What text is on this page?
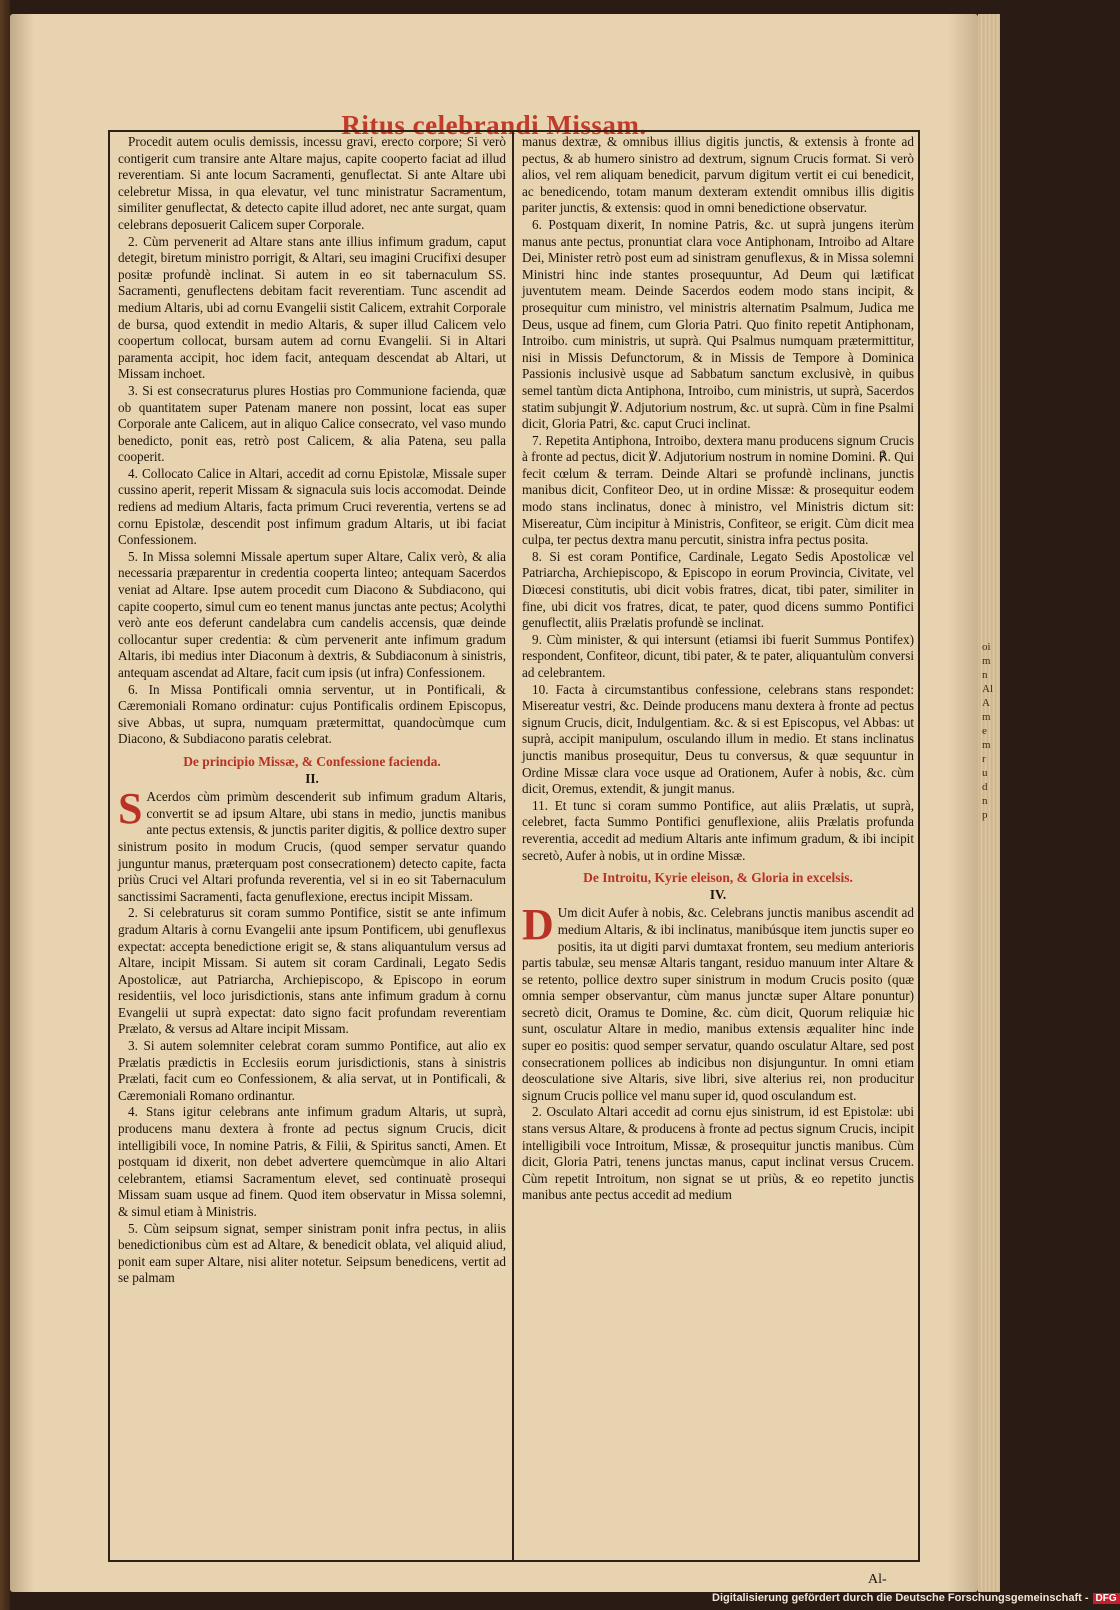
Ritus celebrandi Missam.

Procedit autem oculis demissis, incessu gravi, erecto corpore; Si verò contigerit cum transire ante Altare majus, capite cooperto faciat ad illud reverentiam. Si ante locum Sacramenti, genuflectat. Si ante Altare ubi celebretur Missa, in qua elevatur, vel tunc ministratur Sacramentum, similiter genuflectat, & detecto capite illud adoret, nec ante surgat, quam celebrans deposuerit Calicem super Corporale.

2. Cùm pervenerit ad Altare stans ante illius infimum gradum, caput detegit, biretum ministro porrigit, & Altari, seu imagini Crucifixi desuper positæ profundè inclinat. Si autem in eo sit tabernaculum SS. Sacramenti, genuflectens debitam facit reverentiam. Tunc ascendit ad medium Altaris, ubi ad cornu Evangelii sistit Calicem, extrahit Corporale de bursa, quod extendit in medio Altaris, & super illud Calicem velo coopertum collocat, bursam autem ad cornu Evangelii. Si in Altari paramenta accipit, hoc idem facit, antequam descendat ab Altari, ut Missam inchoet.

3. Si est consecraturus plures Hostias pro Communione facienda, quæ ob quantitatem super Patenam manere non possint, locat eas super Corporale ante Calicem, aut in aliquo Calice consecrato, vel vaso mundo benedicto, ponit eas, retrò post Calicem, & alia Patena, seu palla cooperit.

4. Collocato Calice in Altari, accedit ad cornu Epistolæ, Missale super cussino aperit, reperit Missam & signacula suis locis accomodat. Deinde rediens ad medium Altaris, facta primum Cruci reverentia, vertens se ad cornu Epistolæ, descendit post infimum gradum Altaris, ut ibi faciat Confessionem.

5. In Missa solemni Missale apertum super Altare, Calix verò, & alia necessaria præparentur in credentia cooperta linteo; antequam Sacerdos veniat ad Altare. Ipse autem procedit cum Diacono & Subdiacono, qui capite cooperto, simul cum eo tenent manus junctas ante pectus; Acolythi verò ante eos deferunt candelabra cum candelis accensis, quæ deinde collocantur super credentia: & cùm pervenerit ante infimum gradum Altaris, ibi medius inter Diaconum à dextris, & Subdiaconum à sinistris, antequam ascendat ad Altare, facit cum ipsis (ut infra) Confessionem.

6. In Missa Pontificali omnia serventur, ut in Pontificali, & Cæremoniali Romano ordinatur: cujus Pontificalis ordinem Episcopus, sive Abbas, ut supra, numquam prætermittat, quandocùmque cum Diacono, & Subdiacono paratis celebrat.

De principio Missæ, & Confessione facienda.

II.

S Acerdos cùm primùm descenderit sub infimum gradum Altaris, convertit se ad ipsum Altare, ubi stans in medio, junctis manibus ante pectus extensis, & junctis pariter digitis, & pollice dextro super sinistrum posito in modum Crucis, (quod semper servatur quando junguntur manus, præterquam post consecrationem) detecto capite, facta priùs Cruci vel Altari profunda reverentia, vel si in eo sit Tabernaculum sanctissimi Sacramenti, facta genuflexione, erectus incipit Missam.

2. Si celebraturus sit coram summo Pontifice, sistit se ante infimum gradum Altaris à cornu Evangelii ante ipsum Pontificem, ubi genuflexus expectat: accepta benedictione erigit se, & stans aliquantulum versus ad Altare, incipit Missam. Si autem sit coram Cardinali, Legato Sedis Apostolicæ, aut Patriarcha, Archiepiscopo, & Episcopo in eorum residentiis, vel loco jurisdictionis, stans ante infimum gradum à cornu Evangelii ut suprà expectat: dato signo facit profundam reverentiam Prælato, & versus ad Altare incipit Missam.

3. Si autem solemniter celebrat coram summo Pontifice, aut alio ex Prælatis prædictis in Ecclesiis eorum jurisdictionis, stans à sinistris Prælati, facit cum eo Confessionem, & alia servat, ut in Pontificali, & Cæremoniali Romano ordinantur.

4. Stans igitur celebrans ante infimum gradum Altaris, ut suprà, producens manu dextera à fronte ad pectus signum Crucis, dicit intelligibili voce, In nomine Patris, & Filii, & Spiritus sancti, Amen. Et postquam id dixerit, non debet advertere quemcùmque in alio Altari celebrantem, etiamsi Sacramentum elevet, sed continuatè prosequi Missam suam usque ad finem. Quod item observatur in Missa solemni, & simul etiam à Ministris.

5. Cùm seipsum signat, semper sinistram ponit infra pectus, in aliis benedictionibus cùm est ad Altare, & benedicit oblata, vel aliquid aliud, ponit eam super Altare, nisi aliter notetur. Seipsum benedicens, vertit ad se palmam

manus dextræ, & omnibus illius digitis junctis, & extensis à fronte ad pectus, & ab humero sinistro ad dextrum, signum Crucis format. Si verò alios, vel rem aliquam benedicit, parvum digitum vertit ei cui benedicit, ac benedicendo, totam manum dexteram extendit omnibus illis digitis pariter junctis, & extensis: quod in omni benedictione observatur.

6. Postquam dixerit, In nomine Patris, &c. ut suprà jungens iterùm manus ante pectus, pronuntiat clara voce Antiphonam, Introibo ad Altare Dei, Minister retrò post eum ad sinistram genuflexus, & in Missa solemni Ministri hinc inde stantes prosequuntur, Ad Deum qui lætificat juventutem meam. Deinde Sacerdos eodem modo stans incipit, & prosequitur cum ministro, vel ministris alternatim Psalmum, Judica me Deus, usque ad finem, cum Gloria Patri. Quo finito repetit Antiphonam, Introibo. cum ministris, ut suprà. Qui Psalmus numquam prætermittitur, nisi in Missis Defunctorum, & in Missis de Tempore à Dominica Passionis inclusivè usque ad Sabbatum sanctum exclusivè, in quibus semel tantùm dicta Antiphona, Introibo, cum ministris, ut suprà, Sacerdos statim subjungit ℣. Adjutorium nostrum, &c. ut suprà. Cùm in fine Psalmi dicit, Gloria Patri, &c. caput Cruci inclinat.

7. Repetita Antiphona, Introibo, dextera manu producens signum Crucis à fronte ad pectus, dicit ℣. Adjutorium nostrum in nomine Domini. ℟. Qui fecit cœlum & terram. Deinde Altari se profundè inclinans, junctis manibus dicit, Confiteor Deo, ut in ordine Missæ: & prosequitur eodem modo stans inclinatus, donec à ministro, vel Ministris dictum sit: Misereatur, Cùm incipitur à Ministris, Confiteor, se erigit. Cùm dicit mea culpa, ter pectus dextra manu percutit, sinistra infra pectus posita.

8. Si est coram Pontifice, Cardinale, Legato Sedis Apostolicæ vel Patriarcha, Archiepiscopo, & Episcopo in eorum Provincia, Civitate, vel Diœcesi constitutis, ubi dicit vobis fratres, dicat, tibi pater, similiter in fine, ubi dicit vos fratres, dicat, te pater, quod dicens summo Pontifici genuflectit, aliis Prælatis profundè se inclinat.

9. Cùm minister, & qui intersunt (etiamsi ibi fuerit Summus Pontifex) respondent, Confiteor, dicunt, tibi pater, & te pater, aliquantulùm conversi ad celebrantem.

10. Facta à circumstantibus confessione, celebrans stans respondet: Misereatur vestri, &c. Deinde producens manu dextera à fronte ad pectus signum Crucis, dicit, Indulgentiam. &c. & si est Episcopus, vel Abbas: ut suprà, accipit manipulum, osculando illum in medio. Et stans inclinatus junctis manibus prosequitur, Deus tu conversus, & quæ sequuntur in Ordine Missæ clara voce usque ad Orationem, Aufer à nobis, &c. cùm dicit, Oremus, extendit, & jungit manus.

11. Et tunc si coram summo Pontifice, aut aliis Prælatis, ut suprà, celebret, facta Summo Pontifici genuflexione, aliis Prælatis profunda reverentia, accedit ad medium Altaris ante infimum gradum, & ibi incipit secretò, Aufer à nobis, ut in ordine Missæ.

De Introitu, Kyrie eleison, & Gloria in excelsis.

IV.

D Um dicit Aufer à nobis, &c. Celebrans junctis manibus ascendit ad medium Altaris, & ibi inclinatus, manibúsque item junctis super eo positis, ita ut digiti parvi dumtaxat frontem, seu medium anterioris partis tabulæ, seu mensæ Altaris tangant, residuo manuum inter Altare & se retento, pollice dextro super sinistrum in modum Crucis posito (quæ omnia semper observantur, cùm manus junctæ super Altare ponuntur) secretò dicit, Oramus te Domine, &c. cùm dicit, Quorum reliquiæ hic sunt, osculatur Altare in medio, manibus extensis æqualiter hinc inde super eo positis: quod semper servatur, quando osculatur Altare, sed post consecrationem pollices ab indicibus non disjunguntur. In omni etiam deosculatione sive Altaris, sive libri, sive alterius rei, non producitur signum Crucis pollice vel manu super id, quod osculandum est.

2. Osculato Altari accedit ad cornu ejus sinistrum, id est Epistolæ: ubi stans versus Altare, & producens à fronte ad pectus signum Crucis, incipit intelligibili voce Introitum, Missæ, & prosequitur junctis manibus. Cùm dicit, Gloria Patri, tenens junctas manus, caput inclinat versus Crucem. Cùm repetit Introitum, non signat se ut priùs, & eo repetito junctis manibus ante pectus accedit ad medium

Al-
oi
m
n
Al
A
m
e
m
r
u
d
n
p
Digitalisierung gefördert durch die Deutsche Forschungsgemeinschaft - DFG
